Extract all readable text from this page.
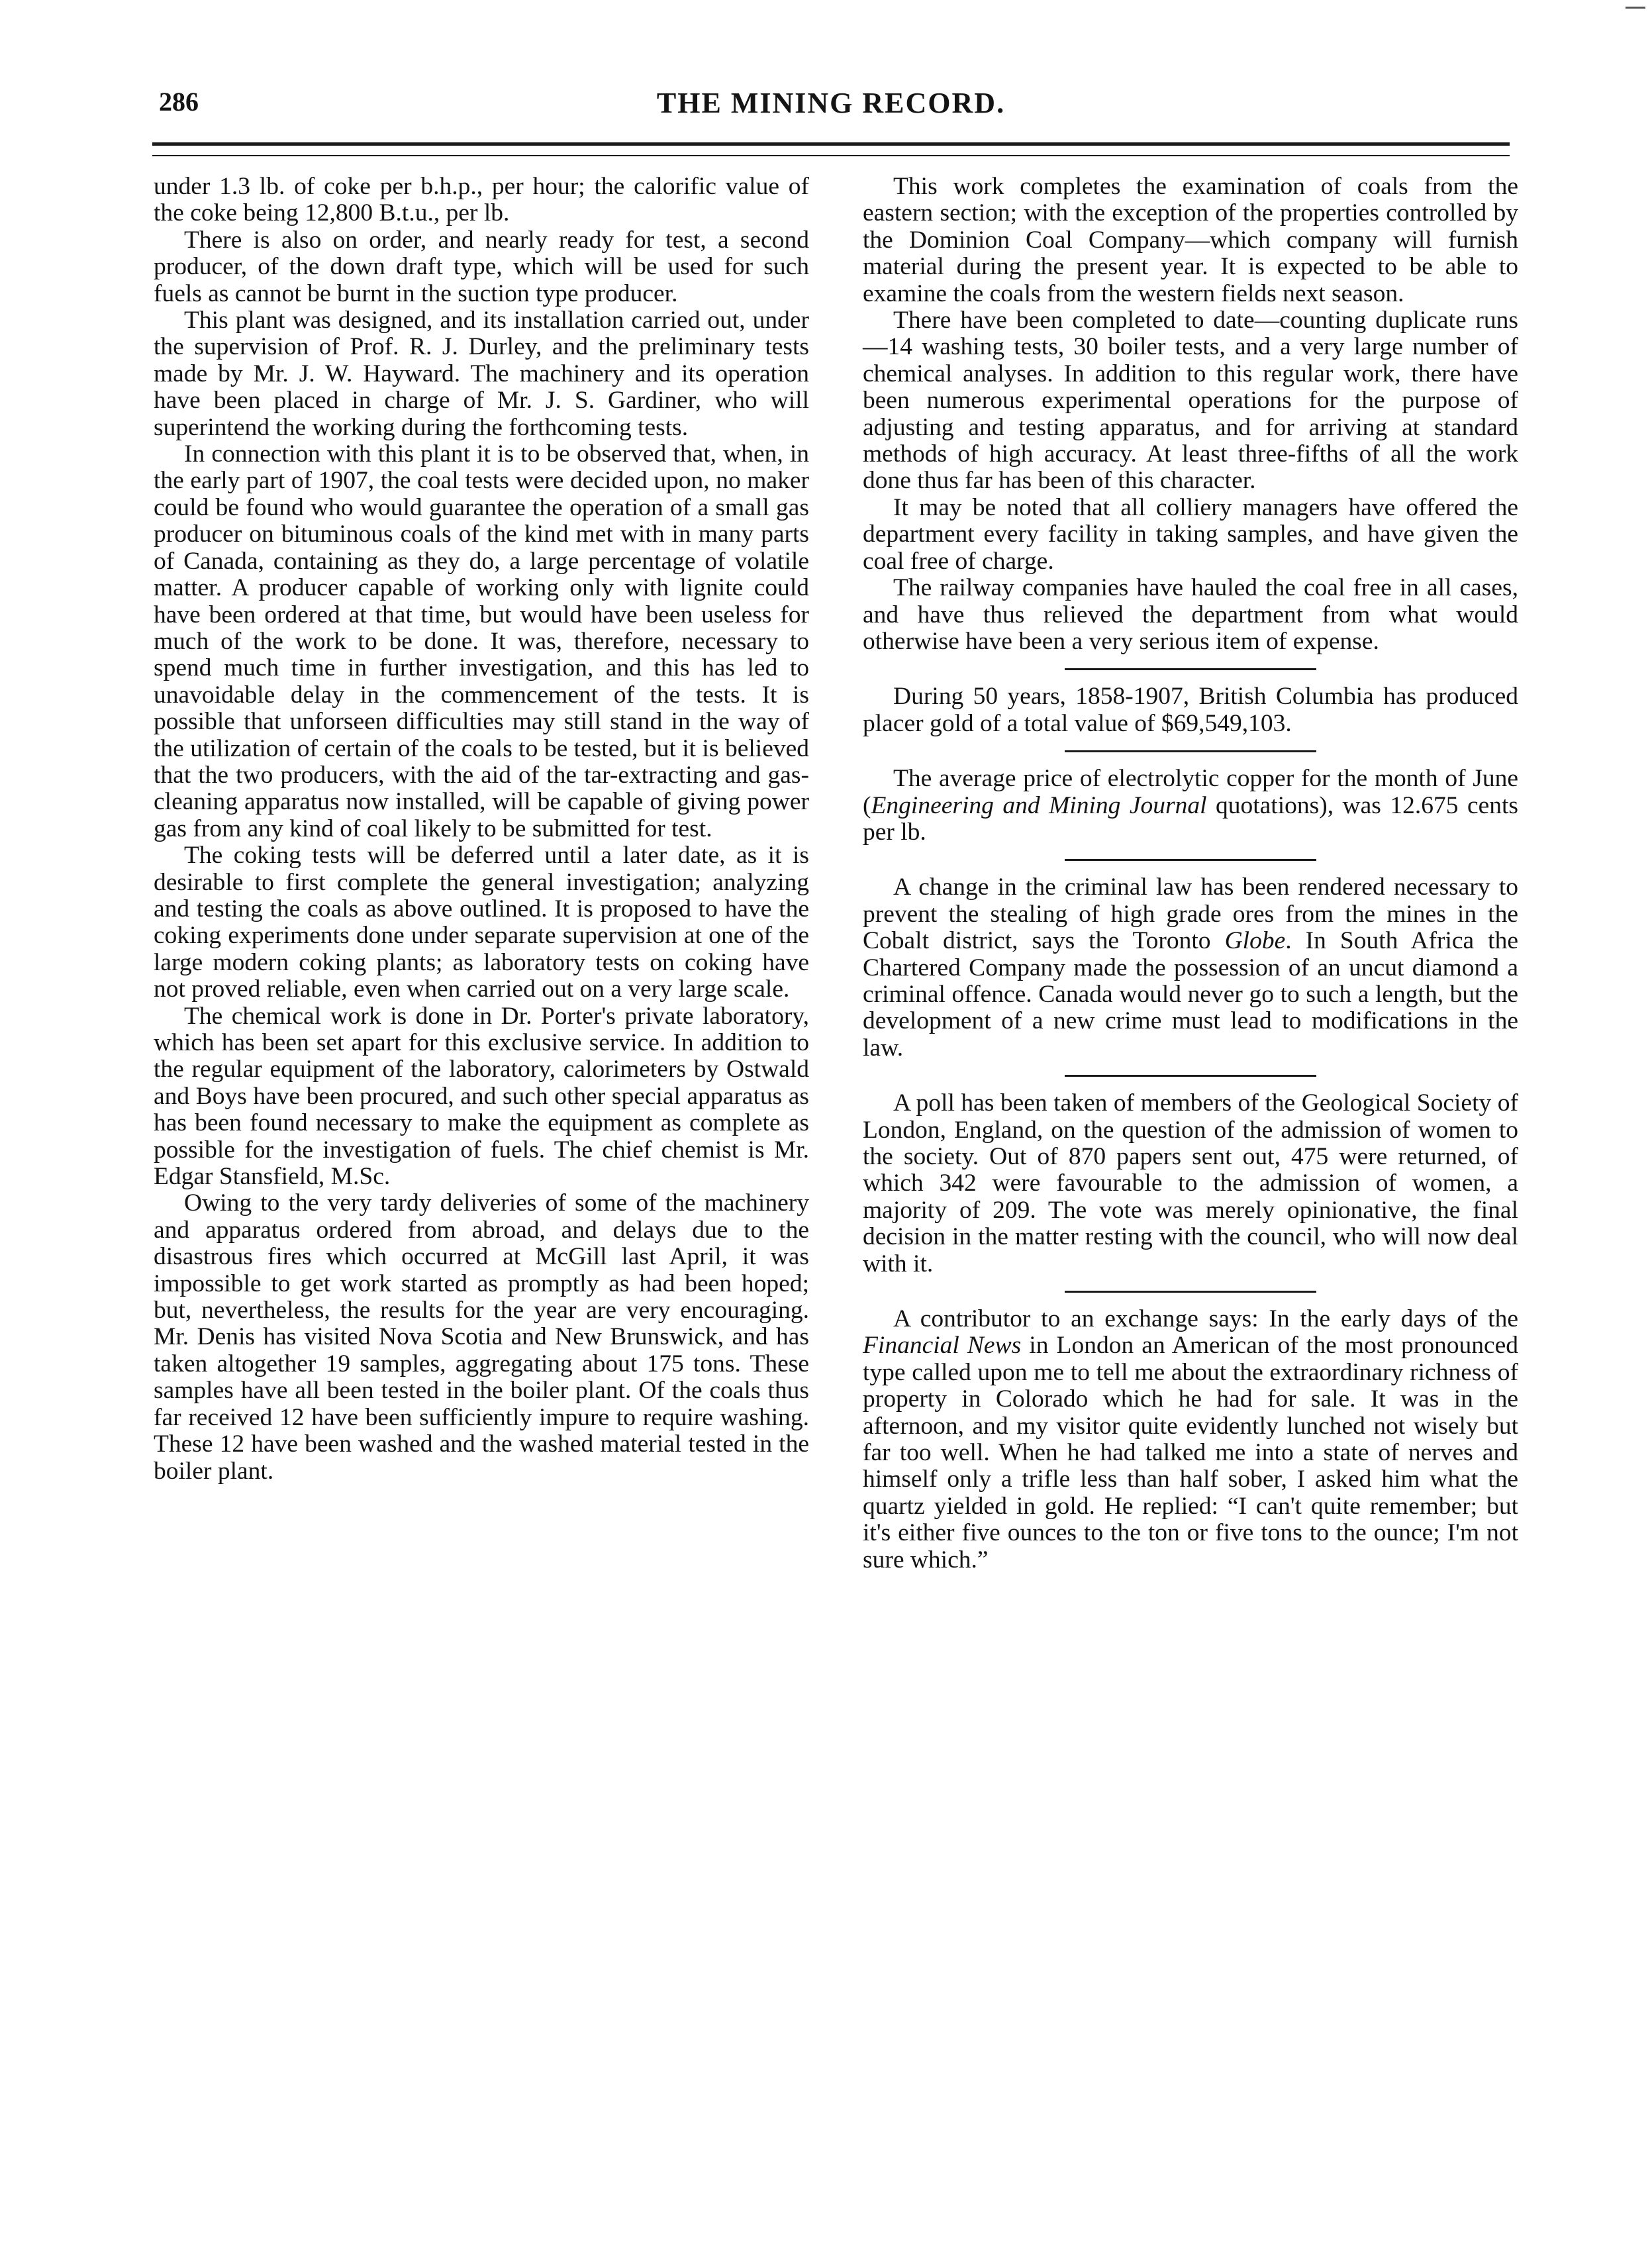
286	THE MINING RECORD.

under 1.3 lb. of coke per b.h.p., per hour; the calorific value of the coke being 12,800 B.t.u., per lb.

There is also on order, and nearly ready for test, a second producer, of the down draft type, which will be used for such fuels as cannot be burnt in the suction type producer.

This plant was designed, and its installation carried out, under the supervision of Prof. R. J. Durley, and the preliminary tests made by Mr. J. W. Hayward. The machinery and its operation have been placed in charge of Mr. J. S. Gardiner, who will superintend the working during the forthcoming tests.

In connection with this plant it is to be observed that, when, in the early part of 1907, the coal tests were decided upon, no maker could be found who would guarantee the operation of a small gas producer on bituminous coals of the kind met with in many parts of Canada, containing as they do, a large percentage of volatile matter. A producer capable of working only with lignite could have been ordered at that time, but would have been useless for much of the work to be done. It was, therefore, necessary to spend much time in further investigation, and this has led to unavoidable delay in the commencement of the tests. It is possible that unforseen difficulties may still stand in the way of the utilization of certain of the coals to be tested, but it is believed that the two producers, with the aid of the tar-extracting and gas-cleaning apparatus now installed, will be capable of giving power gas from any kind of coal likely to be submitted for test.

The coking tests will be deferred until a later date, as it is desirable to first complete the general investigation; analyzing and testing the coals as above outlined. It is proposed to have the coking experiments done under separate supervision at one of the large modern coking plants; as laboratory tests on coking have not proved reliable, even when carried out on a very large scale.

The chemical work is done in Dr. Porter's private laboratory, which has been set apart for this exclusive service. In addition to the regular equipment of the laboratory, calorimeters by Ostwald and Boys have been procured, and such other special apparatus as has been found necessary to make the equipment as complete as possible for the investigation of fuels. The chief chemist is Mr. Edgar Stansfield, M.Sc.

Owing to the very tardy deliveries of some of the machinery and apparatus ordered from abroad, and delays due to the disastrous fires which occurred at McGill last April, it was impossible to get work started as promptly as had been hoped; but, nevertheless, the results for the year are very encouraging. Mr. Denis has visited Nova Scotia and New Brunswick, and has taken altogether 19 samples, aggregating about 175 tons. These samples have all been tested in the boiler plant. Of the coals thus far received 12 have been sufficiently impure to require washing. These 12 have been washed and the washed material tested in the boiler plant.

This work completes the examination of coals from the eastern section; with the exception of the properties controlled by the Dominion Coal Company—which company will furnish material during the present year. It is expected to be able to examine the coals from the western fields next season.

There have been completed to date—counting duplicate runs—14 washing tests, 30 boiler tests, and a very large number of chemical analyses. In addition to this regular work, there have been numerous experimental operations for the purpose of adjusting and testing apparatus, and for arriving at standard methods of high accuracy. At least three-fifths of all the work done thus far has been of this character.

It may be noted that all colliery managers have offered the department every facility in taking samples, and have given the coal free of charge.

The railway companies have hauled the coal free in all cases, and have thus relieved the department from what would otherwise have been a very serious item of expense.

During 50 years, 1858-1907, British Columbia has produced placer gold of a total value of $69,549,103.

The average price of electrolytic copper for the month of June (Engineering and Mining Journal quotations), was 12.675 cents per lb.

A change in the criminal law has been rendered necessary to prevent the stealing of high grade ores from the mines in the Cobalt district, says the Toronto Globe. In South Africa the Chartered Company made the possession of an uncut diamond a criminal offence. Canada would never go to such a length, but the development of a new crime must lead to modifications in the law.

A poll has been taken of members of the Geological Society of London, England, on the question of the admission of women to the society. Out of 870 papers sent out, 475 were returned, of which 342 were favourable to the admission of women, a majority of 209. The vote was merely opinionative, the final decision in the matter resting with the council, who will now deal with it.

A contributor to an exchange says: In the early days of the Financial News in London an American of the most pronounced type called upon me to tell me about the extraordinary richness of property in Colorado which he had for sale. It was in the afternoon, and my visitor quite evidently lunched not wisely but far too well. When he had talked me into a state of nerves and himself only a trifle less than half sober, I asked him what the quartz yielded in gold. He replied: “I can't quite remember; but it's either five ounces to the ton or five tons to the ounce; I'm not sure which.”
